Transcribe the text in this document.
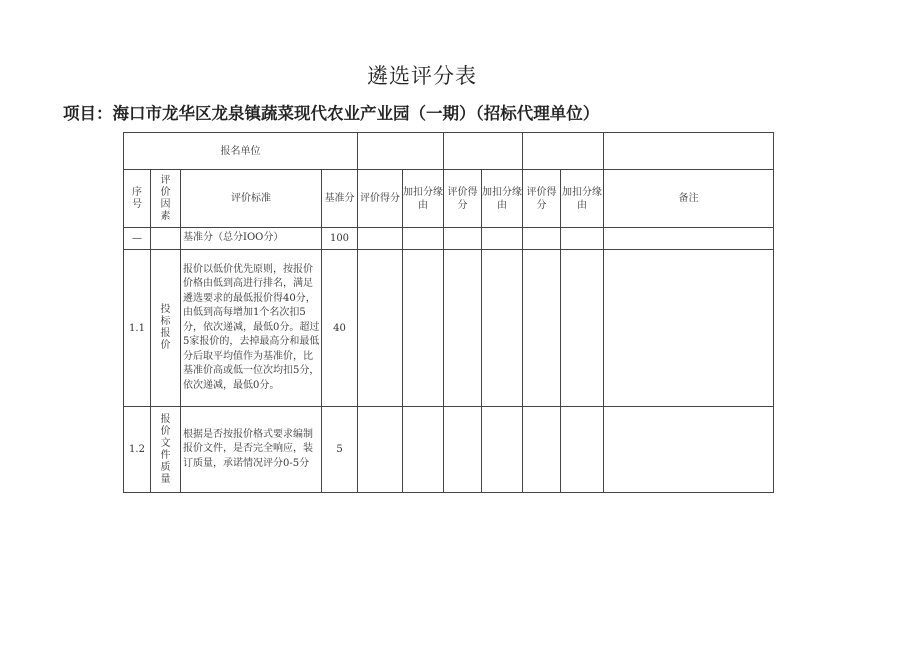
遴选评分表
项目：海口市龙华区龙泉镇蔬菜现代农业产业园（一期）（招标代理单位）
报名单位										
序号	评价因素	评价标准	基准分	评价得分	加扣分缘由	评价得分	加扣分缘由	评价得分	加扣分缘由	备注
—		基准分（总分IOO分）	100							
1.1	投标报价	报价以低价优先原则，按报价价格由低到高进行排名，满足遴选要求的最低报价得40分，由低到高每增加1个名次扣5分，依次递减，最低0分。超过5家报价的，去掉最高分和最低分后取平均值作为基准价，比基准价高或低一位次均扣5分，依次递减，最低0分。	40							
1.2	报价文件质量	根据是否按报价格式要求编制报价文件，是否完全响应，装订质量，承诺情况评分0-5分	5							
